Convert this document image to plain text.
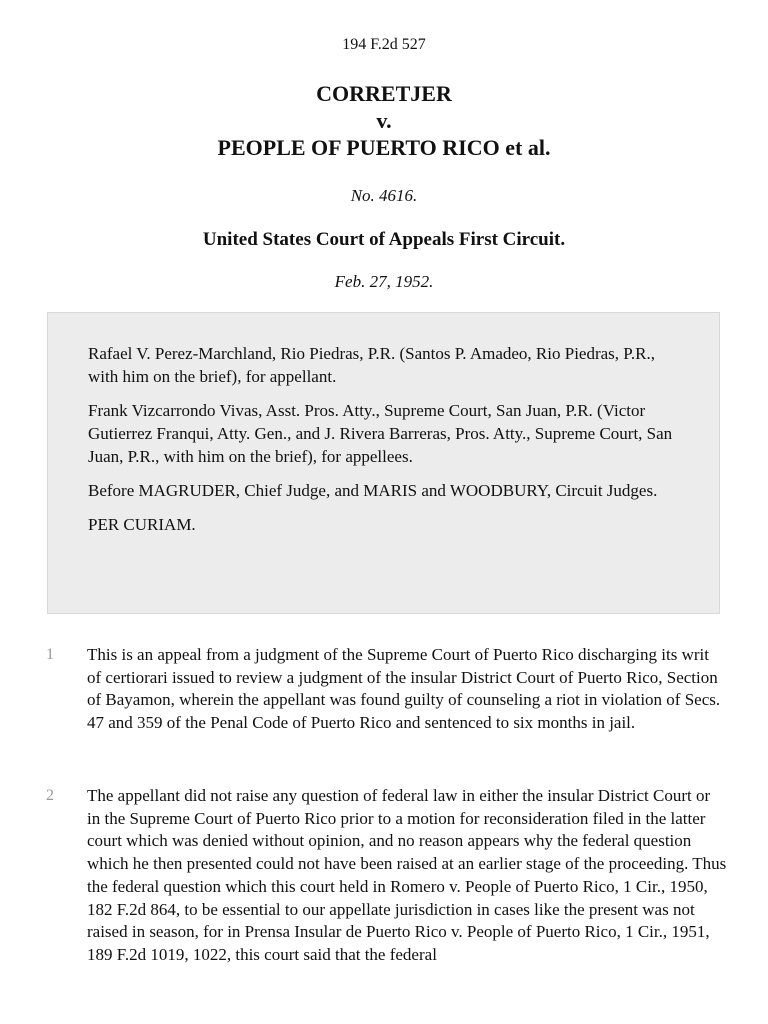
194 F.2d 527
CORRETJER
v.
PEOPLE OF PUERTO RICO et al.
No. 4616.
United States Court of Appeals First Circuit.
Feb. 27, 1952.

Rafael V. Perez-Marchland, Rio Piedras, P.R. (Santos P. Amadeo, Rio Piedras, P.R., with him on the brief), for appellant.

Frank Vizcarrondo Vivas, Asst. Pros. Atty., Supreme Court, San Juan, P.R. (Victor Gutierrez Franqui, Atty. Gen., and J. Rivera Barreras, Pros. Atty., Supreme Court, San Juan, P.R., with him on the brief), for appellees.

Before MAGRUDER, Chief Judge, and MARIS and WOODBURY, Circuit Judges.

PER CURIAM.

1 This is an appeal from a judgment of the Supreme Court of Puerto Rico discharging its writ of certiorari issued to review a judgment of the insular District Court of Puerto Rico, Section of Bayamon, wherein the appellant was found guilty of counseling a riot in violation of Secs. 47 and 359 of the Penal Code of Puerto Rico and sentenced to six months in jail.
2 The appellant did not raise any question of federal law in either the insular District Court or in the Supreme Court of Puerto Rico prior to a motion for reconsideration filed in the latter court which was denied without opinion, and no reason appears why the federal question which he then presented could not have been raised at an earlier stage of the proceeding. Thus the federal question which this court held in Romero v. People of Puerto Rico, 1 Cir., 1950, 182 F.2d 864, to be essential to our appellate jurisdiction in cases like the present was not raised in season, for in Prensa Insular de Puerto Rico v. People of Puerto Rico, 1 Cir., 1951, 189 F.2d 1019, 1022, this court said that the federal
